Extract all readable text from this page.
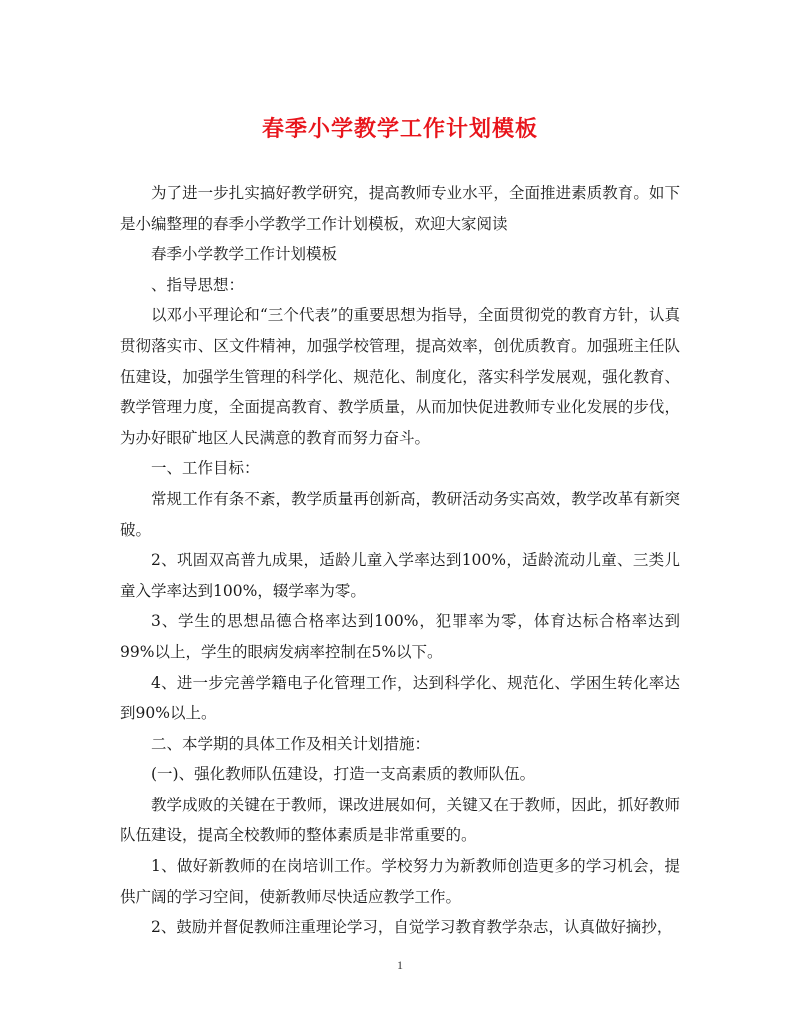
春季小学教学工作计划模板

为了进一步扎实搞好教学研究，提高教师专业水平，全面推进素质教育。如下是小编整理的春季小学教学工作计划模板，欢迎大家阅读

春季小学教学工作计划模板

、指导思想：

以邓小平理论和“三个代表”的重要思想为指导，全面贯彻党的教育方针，认真贯彻落实市、区文件精神，加强学校管理，提高效率，创优质教育。加强班主任队伍建设，加强学生管理的科学化、规范化、制度化，落实科学发展观，强化教育、教学管理力度，全面提高教育、教学质量，从而加快促进教师专业化发展的步伐，为办好眼矿地区人民满意的教育而努力奋斗。

一、工作目标：

常规工作有条不紊，教学质量再创新高，教研活动务实高效，教学改革有新突破。

2、巩固双高普九成果，适龄儿童入学率达到100%，适龄流动儿童、三类儿童入学率达到100%，辍学率为零。

3、学生的思想品德合格率达到100%，犯罪率为零，体育达标合格率达到99%以上，学生的眼病发病率控制在5%以下。

4、进一步完善学籍电子化管理工作，达到科学化、规范化、学困生转化率达到90%以上。

二、本学期的具体工作及相关计划措施：

(一)、强化教师队伍建设，打造一支高素质的教师队伍。

教学成败的关键在于教师，课改进展如何，关键又在于教师，因此，抓好教师队伍建设，提高全校教师的整体素质是非常重要的。

1、做好新教师的在岗培训工作。学校努力为新教师创造更多的学习机会，提供广阔的学习空间，使新教师尽快适应教学工作。

2、鼓励并督促教师注重理论学习，自觉学习教育教学杂志，认真做好摘抄，

1
